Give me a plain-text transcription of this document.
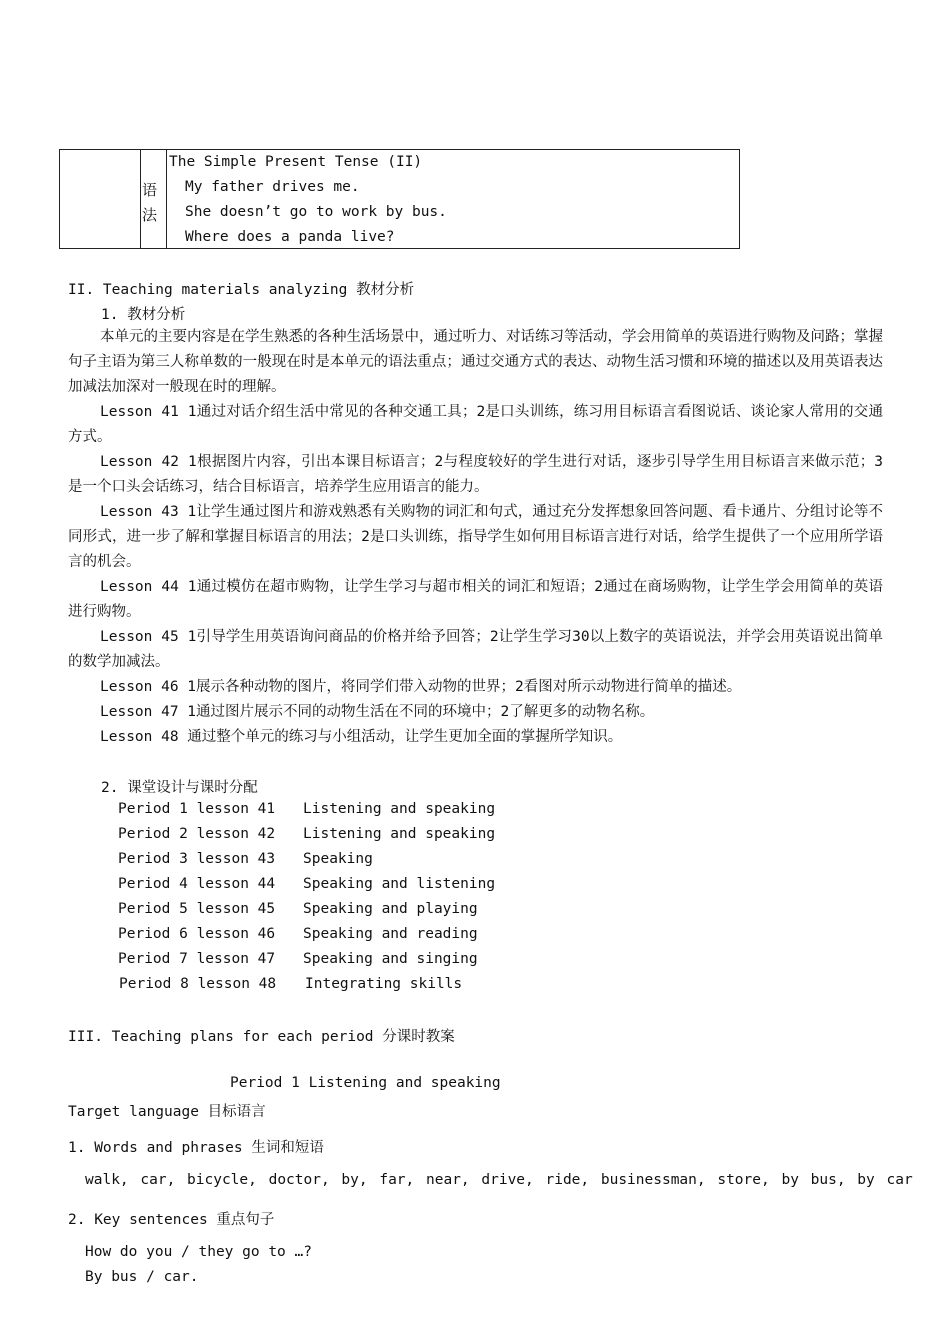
语法
The Simple Present Tense (II)
My father drives me.
She doesn’t go to work by bus.
Where does a panda live?
II. Teaching materials analyzing 教材分析
1. 教材分析
本单元的主要内容是在学生熟悉的各种生活场景中，通过听力、对话练习等活动，学会用简单的英语进行购物及问路；掌握句子主语为第三人称单数的一般现在时是本单元的语法重点；通过交通方式的表达、动物生活习惯和环境的描述以及用英语表达加减法加深对一般现在时的理解。
Lesson 41 1通过对话介绍生活中常见的各种交通工具；2是口头训练，练习用目标语言看图说话、谈论家人常用的交通方式。
Lesson 42 1根据图片内容，引出本课目标语言；2与程度较好的学生进行对话，逐步引导学生用目标语言来做示范；3 是一个口头会话练习，结合目标语言，培养学生应用语言的能力。
Lesson 43 1让学生通过图片和游戏熟悉有关购物的词汇和句式，通过充分发挥想象回答问题、看卡通片、分组讨论等不同形式，进一步了解和掌握目标语言的用法；2是口头训练，指导学生如何用目标语言进行对话，给学生提供了一个应用所学语言的机会。
Lesson 44 1通过模仿在超市购物，让学生学习与超市相关的词汇和短语；2通过在商场购物，让学生学会用简单的英语进行购物。
Lesson 45 1引导学生用英语询问商品的价格并给予回答；2让学生学习30以上数字的英语说法，并学会用英语说出简单的数学加减法。
Lesson 46 1展示各种动物的图片，将同学们带入动物的世界；2看图对所示动物进行简单的描述。
Lesson 47 1通过图片展示不同的动物生活在不同的环境中；2了解更多的动物名称。
Lesson 48 通过整个单元的练习与小组活动，让学生更加全面的掌握所学知识。
2. 课堂设计与课时分配
Period 1 lesson 41 Listening and speaking
Period 2 lesson 42 Listening and speaking
Period 3 lesson 43 Speaking
Period 4 lesson 44 Speaking and listening
Period 5 lesson 45 Speaking and playing
Period 6 lesson 46 Speaking and reading
Period 7 lesson 47 Speaking and singing
Period 8 lesson 48 Integrating skills
III. Teaching plans for each period 分课时教案
Period 1 Listening and speaking
Target language 目标语言
1. Words and phrases 生词和短语
walk, car, bicycle, doctor, by, far, near, drive, ride, businessman, store, by bus, by car
2. Key sentences 重点句子
How do you / they go to …?
By bus / car.
